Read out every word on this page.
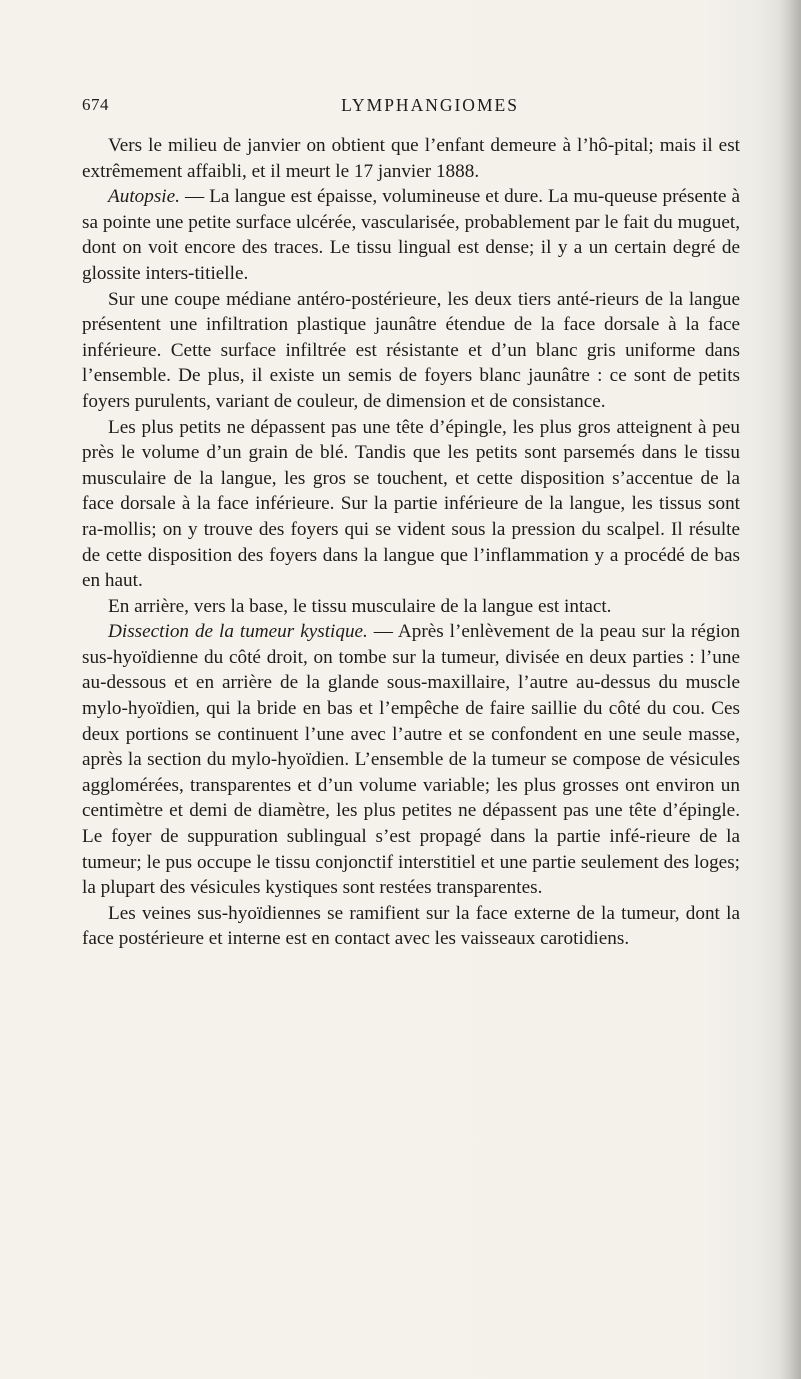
674	LYMPHANGIOMES

Vers le milieu de janvier on obtient que l’enfant demeure à l’hô-pital; mais il est extrêmement affaibli, et il meurt le 17 janvier 1888.

Autopsie. — La langue est épaisse, volumineuse et dure. La mu-queuse présente à sa pointe une petite surface ulcérée, vascularisée, probablement par le fait du muguet, dont on voit encore des traces. Le tissu lingual est dense; il y a un certain degré de glossite inters-titielle.

Sur une coupe médiane antéro-postérieure, les deux tiers anté-rieurs de la langue présentent une infiltration plastique jaunâtre étendue de la face dorsale à la face inférieure. Cette surface infiltrée est résistante et d’un blanc gris uniforme dans l’ensemble. De plus, il existe un semis de foyers blanc jaunâtre : ce sont de petits foyers purulents, variant de couleur, de dimension et de consistance.

Les plus petits ne dépassent pas une tête d’épingle, les plus gros atteignent à peu près le volume d’un grain de blé. Tandis que les petits sont parsemés dans le tissu musculaire de la langue, les gros se touchent, et cette disposition s’accentue de la face dorsale à la face inférieure. Sur la partie inférieure de la langue, les tissus sont ra-mollis; on y trouve des foyers qui se vident sous la pression du scalpel. Il résulte de cette disposition des foyers dans la langue que l’inflammation y a procédé de bas en haut.

En arrière, vers la base, le tissu musculaire de la langue est intact.

Dissection de la tumeur kystique. — Après l’enlèvement de la peau sur la région sus-hyoïdienne du côté droit, on tombe sur la tumeur, divisée en deux parties : l’une au-dessous et en arrière de la glande sous-maxillaire, l’autre au-dessus du muscle mylo-hyoïdien, qui la bride en bas et l’empêche de faire saillie du côté du cou. Ces deux portions se continuent l’une avec l’autre et se confondent en une seule masse, après la section du mylo-hyoïdien. L’ensemble de la tumeur se compose de vésicules agglomérées, transparentes et d’un volume variable; les plus grosses ont environ un centimètre et demi de diamètre, les plus petites ne dépassent pas une tête d’épingle. Le foyer de suppuration sublingual s’est propagé dans la partie infé-rieure de la tumeur; le pus occupe le tissu conjonctif interstitiel et une partie seulement des loges; la plupart des vésicules kystiques sont restées transparentes.

Les veines sus-hyoïdiennes se ramifient sur la face externe de la tumeur, dont la face postérieure et interne est en contact avec les vaisseaux carotidiens.
